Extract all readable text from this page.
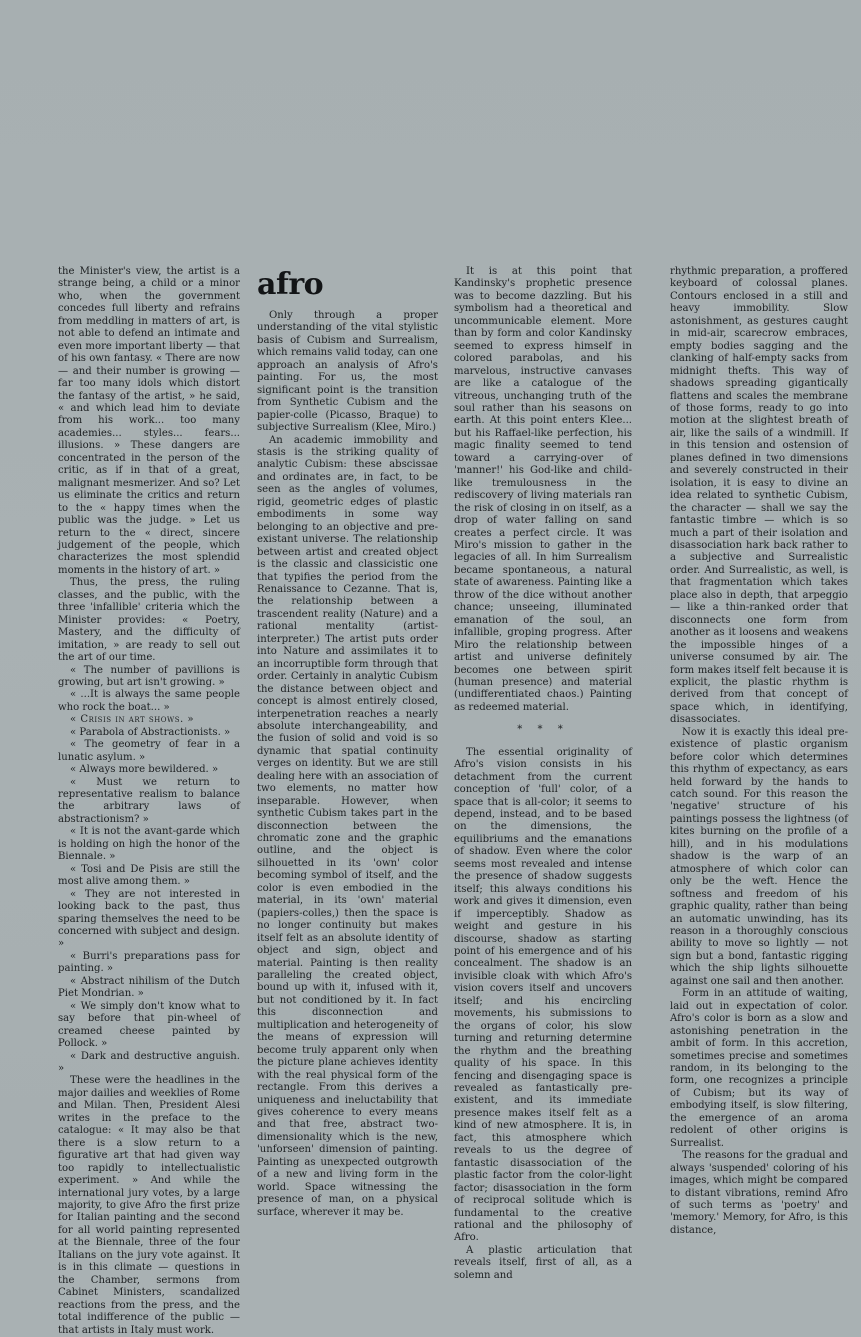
the Minister's view, the artist is a strange being, a child or a minor who, when the government concedes full liberty and refrains from meddling in matters of art, is not able to defend an intimate and even more important liberty — that of his own fantasy. « There are now — and their number is growing — far too many idols which distort the fantasy of the artist, » he said, « and which lead him to deviate from his work... too many academies... styles... fears... illusions. » These dangers are concentrated in the person of the critic, as if in that of a great, malignant mesmerizer. And so? Let us eliminate the critics and return to the « happy times when the public was the judge. » Let us return to the « direct, sincere judgement of the people, which characterizes the most splendid moments in the history of art. »

Thus, the press, the ruling classes, and the public, with the three 'infallible' criteria which the Minister provides: « Poetry, Mastery, and the difficulty of imitation, » are ready to sell out the art of our time.

« The number of pavillions is growing, but art isn't growing. »

« ...It is always the same people who rock the boat... »

« Crisis in art shows. »

« Parabola of Abstractionists. »

« The geometry of fear in a lunatic asylum. »

« Always more bewildered. »

« Must we return to representative realism to balance the arbitrary laws of abstractionism? »

« It is not the avant-garde which is holding on high the honor of the Biennale. »

« Tosi and De Pisis are still the most alive among them. »

« They are not interested in looking back to the past, thus sparing themselves the need to be concerned with subject and design. »

« Burri's preparations pass for painting. »

« Abstract nihilism of the Dutch Piet Mondrian. »

« We simply don't know what to say before that pin-wheel of creamed cheese painted by Pollock. »

« Dark and destructive anguish. »

These were the headlines in the major dailies and weeklies of Rome and Milan. Then, President Alesi writes in the preface to the catalogue: « It may also be that there is a slow return to a figurative art that had given way too rapidly to intellectualistic experiment. » And while the international jury votes, by a large majority, to give Afro the first prize for Italian painting and the second for all world painting represented at the Biennale, three of the four Italians on the jury vote against. It is in this climate — questions in the Chamber, sermons from Cabinet Ministers, scandalized reactions from the press, and the total indifference of the public — that artists in Italy must work.

afro

Only through a proper understanding of the vital stylistic basis of Cubism and Surrealism, which remains valid today, can one approach an analysis of Afro's painting. For us, the most significant point is the transition from Synthetic Cubism and the papier-colle (Picasso, Braque) to subjective Surrealism (Klee, Miro.)

An academic immobility and stasis is the striking quality of analytic Cubism: these abscissae and ordinates are, in fact, to be seen as the angles of volumes, rigid, geometric edges of plastic embodiments in some way belonging to an objective and pre-existant universe. The relationship between artist and created object is the classic and classicistic one that typifies the period from the Renaissance to Cezanne. That is, the relationship between a trascendent reality (Nature) and a rational mentality (artist-interpreter.) The artist puts order into Nature and assimilates it to an incorruptible form through that order. Certainly in analytic Cubism the distance between object and concept is almost entirely closed, interpenetration reaches a nearly absolute interchangeability, and the fusion of solid and void is so dynamic that spatial continuity verges on identity. But we are still dealing here with an association of two elements, no matter how inseparable. However, when synthetic Cubism takes part in the disconnection between the chromatic zone and the graphic outline, and the object is silhouetted in its 'own' color becoming symbol of itself, and the color is even embodied in the material, in its 'own' material (papiers-colles,) then the space is no longer continuity but makes itself felt as an absolute identity of object and sign, object and material. Painting is then reality paralleling the created object, bound up with it, infused with it, but not conditioned by it. In fact this disconnection and multiplication and heterogeneity of the means of expression will become truly apparent only when the picture plane achieves identity with the real physical form of the rectangle. From this derives a uniqueness and ineluctability that gives coherence to every means and that free, abstract two-dimensionality which is the new, 'unforseen' dimension of painting. Painting as unexpected outgrowth of a new and living form in the world. Space witnessing the presence of man, on a physical surface, wherever it may be.

It is at this point that Kandinsky's prophetic presence was to become dazzling. But his symbolism had a theoretical and uncommunicable element. More than by form and color Kandinsky seemed to express himself in colored parabolas, and his marvelous, instructive canvases are like a catalogue of the vitreous, unchanging truth of the soul rather than his seasons on earth. At this point enters Klee... but his Raffael-like perfection, his magic finality seemed to tend toward a carrying-over of 'manner!' his God-like and child-like tremulousness in the rediscovery of living materials ran the risk of closing in on itself, as a drop of water falling on sand creates a perfect circle. It was Miro's mission to gather in the legacies of all. In him Surrealism became spontaneous, a natural state of awareness. Painting like a throw of the dice without another chance; unseeing, illuminated emanation of the soul, an infallible, groping progress. After Miro the relationship between artist and universe definitely becomes one between spirit (human presence) and material (undifferentiated chaos.) Painting as redeemed material.

* * *

The essential originality of Afro's vision consists in his detachment from the current conception of 'full' color, of a space that is all-color; it seems to depend, instead, and to be based on the dimensions, the equilibriums and the emanations of shadow. Even where the color seems most revealed and intense the presence of shadow suggests itself; this always conditions his work and gives it dimension, even if imperceptibly. Shadow as weight and gesture in his discourse, shadow as starting point of his emergence and of his concealment. The shadow is an invisible cloak with which Afro's vision covers itself and uncovers itself; and his encircling movements, his submissions to the organs of color, his slow turning and returning determine the rhythm and the breathing quality of his space. In this fencing and disengaging space is revealed as fantastically pre-existent, and its immediate presence makes itself felt as a kind of new atmosphere. It is, in fact, this atmosphere which reveals to us the degree of fantastic disassociation of the plastic factor from the color-light factor; disassociation in the form of reciprocal solitude which is fundamental to the creative rational and the philosophy of Afro.

A plastic articulation that reveals itself, first of all, as a solemn and

rhythmic preparation, a proffered keyboard of colossal planes. Contours enclosed in a still and heavy immobility. Slow astonishment, as gestures caught in mid-air, scarecrow embraces, empty bodies sagging and the clanking of half-empty sacks from midnight thefts. This way of shadows spreading gigantically flattens and scales the membrane of those forms, ready to go into motion at the slightest breath of air, like the sails of a windmill. If in this tension and ostension of planes defined in two dimensions and severely constructed in their isolation, it is easy to divine an idea related to synthetic Cubism, the character — shall we say the fantastic timbre — which is so much a part of their isolation and disassociation hark back rather to a subjective and Surrealistic order. And Surrealistic, as well, is that fragmentation which takes place also in depth, that arpeggio — like a thin-ranked order that disconnects one form from another as it loosens and weakens the impossible hinges of a universe consumed by air. The form makes itself felt because it is explicit, the plastic rhythm is derived from that concept of space which, in identifying, disassociates.

Now it is exactly this ideal pre-existence of plastic organism before color which determines this rhythm of expectancy, as ears held forward by the hands to catch sound. For this reason the 'negative' structure of his paintings possess the lightness (of kites burning on the profile of a hill), and in his modulations shadow is the warp of an atmosphere of which color can only be the weft. Hence the softness and freedom of his graphic quality, rather than being an automatic unwinding, has its reason in a thoroughly conscious ability to move so lightly — not sign but a bond, fantastic rigging which the ship lights silhouette against one sail and then another.

Form in an attitude of waiting, laid out in expectation of color. Afro's color is born as a slow and astonishing penetration in the ambit of form. In this accretion, sometimes precise and sometimes random, in its belonging to the form, one recognizes a principle of Cubism; but its way of embodying itself, is slow filtering, the emergence of an aroma redolent of other origins is Surrealist.

The reasons for the gradual and always 'suspended' coloring of his images, which might be compared to distant vibrations, remind Afro of such terms as 'poetry' and 'memory.' Memory, for Afro, is this distance,
